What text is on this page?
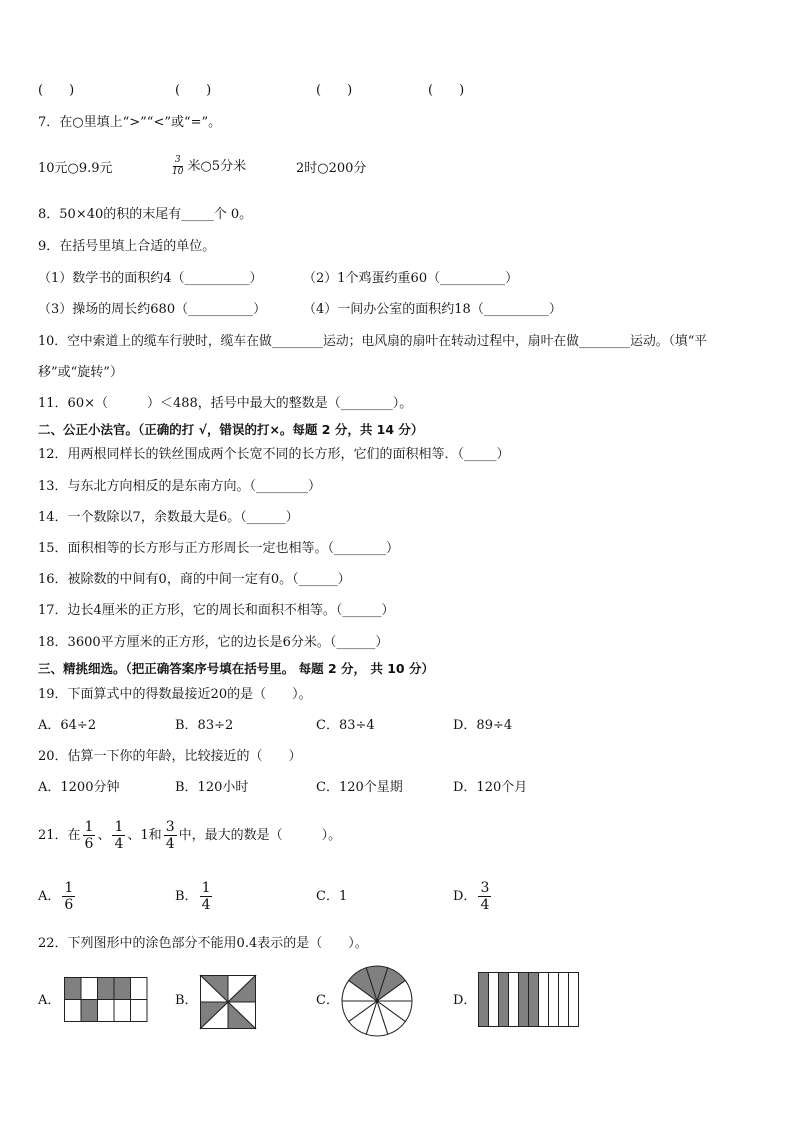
(　　)	(　　)	(　　)	(　　)
7．在○里填上“>”“<”或“=”。
10元○9.9元	$\frac{3}{10}$ 米○5分米	2时○200分
8．50×40的积的末尾有_____个 0。
9．在括号里填上合适的单位。
（1）数学书的面积约4（__________）	（2）1个鸡蛋约重60（__________）
（3）操场的周长约680（__________）	（4）一间办公室的面积约18（__________）
10．空中索道上的缆车行驶时，缆车在做________运动；电风扇的扇叶在转动过程中，扇叶在做________运动。（填“平
移”或“旋转”）
11．60×（　　　）＜488，括号中最大的整数是（________）。
二、公正小法官。（正确的打 √，错误的打×。每题 2 分，共 14 分）
12．用两根同样长的铁丝围成两个长宽不同的长方形，它们的面积相等．（_____）
13．与东北方向相反的是东南方向。（________）
14．一个数除以7，余数最大是6。（______）
15．面积相等的长方形与正方形周长一定也相等。（________）
16．被除数的中间有0，商的中间一定有0。（______）
17．边长4厘米的正方形，它的周长和面积不相等。（______）
18．3600平方厘米的正方形，它的边长是6分米。（______）
三、精挑细选。（把正确答案序号填在括号里。 每题 2 分， 共 10 分）
19．下面算式中的得数最接近20的是（　　）。
A．64÷2	B．83÷2	C．83÷4	D．89÷4
20．估算一下你的年龄，比较接近的（　　）
A．1200分钟	B．120小时	C．120个星期	D．120个月
21．在 $\frac{1}{6}$ 、 $\frac{1}{4}$ 、1和 $\frac{3}{4}$ 中，最大的数是（　　　）。
A． $\frac{1}{6}$	B． $\frac{1}{4}$	C．1	D． $\frac{3}{4}$
22．下列图形中的涂色部分不能用0.4表示的是（　　）。
A．	B．	C．	D．
